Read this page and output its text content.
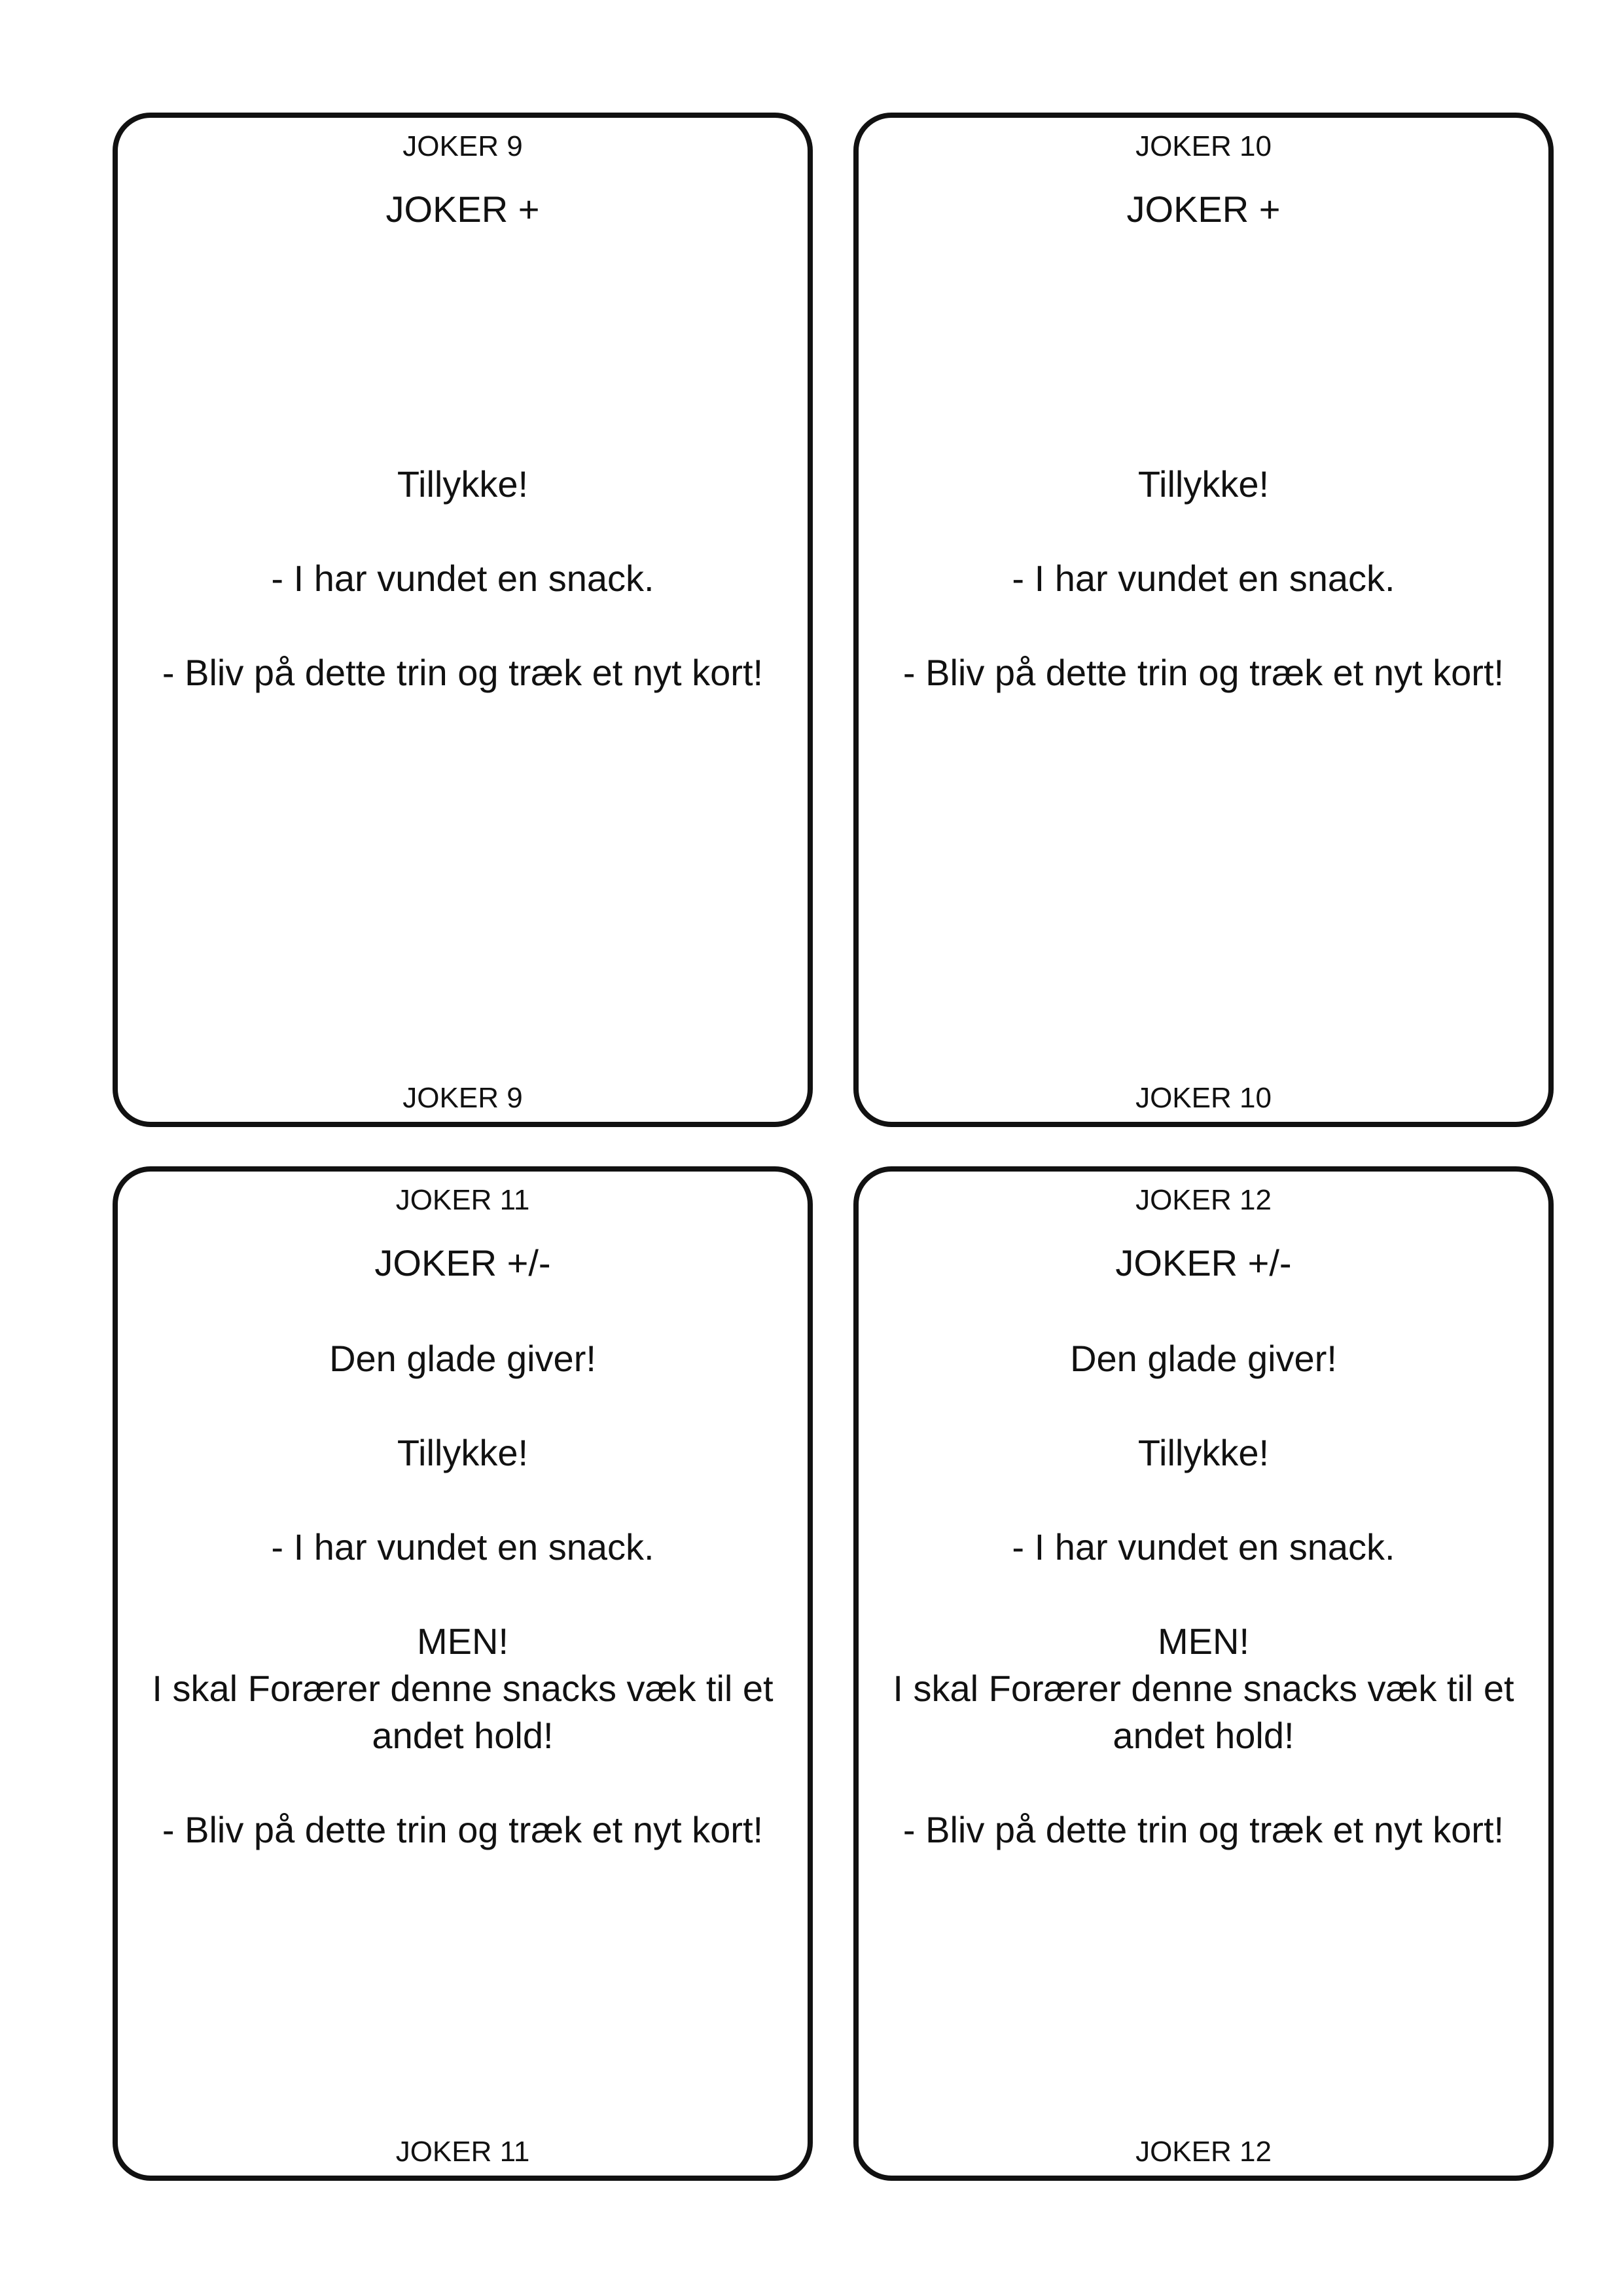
JOKER 9
JOKER +

Tillykke!

- I har vundet en snack.

- Bliv på dette trin og træk et nyt kort!

JOKER 9
JOKER 10
JOKER +

Tillykke!

- I har vundet en snack.

- Bliv på dette trin og træk et nyt kort!

JOKER 10
JOKER 11
JOKER +/-

Den glade giver!

Tillykke!

- I har vundet en snack.

MEN!
I skal Forærer denne snacks væk til et andet hold!

- Bliv på dette trin og træk et nyt kort!

JOKER 11
JOKER 12
JOKER +/-

Den glade giver!

Tillykke!

- I har vundet en snack.

MEN!
I skal Forærer denne snacks væk til et andet hold!

- Bliv på dette trin og træk et nyt kort!

JOKER 12
